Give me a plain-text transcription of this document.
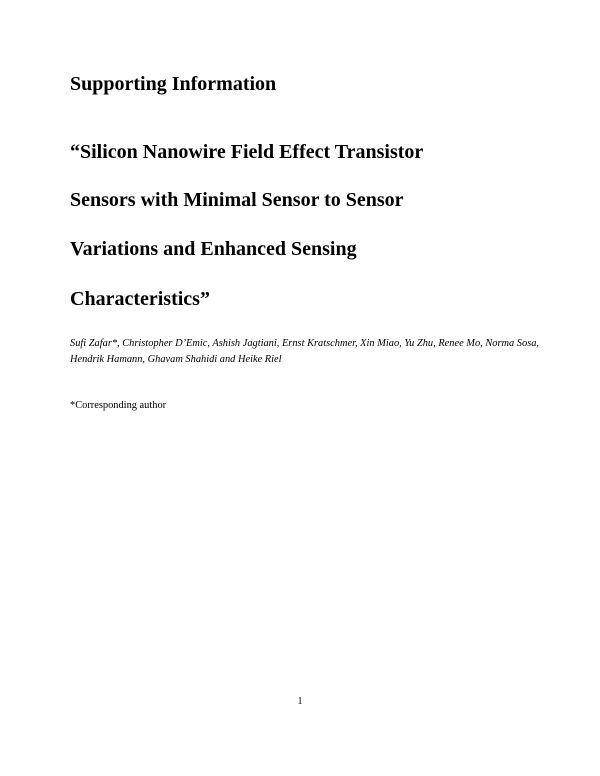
Supporting Information
“Silicon Nanowire Field Effect Transistor
Sensors with Minimal Sensor to Sensor
Variations and Enhanced Sensing
Characteristics”

Sufi Zafar*, Christopher D’Emic, Ashish Jagtiani, Ernst Kratschmer, Xin Miao, Yu Zhu, Renee Mo, Norma Sosa, Hendrik Hamann, Ghavam Shahidi and Heike Riel

*Corresponding author

1
